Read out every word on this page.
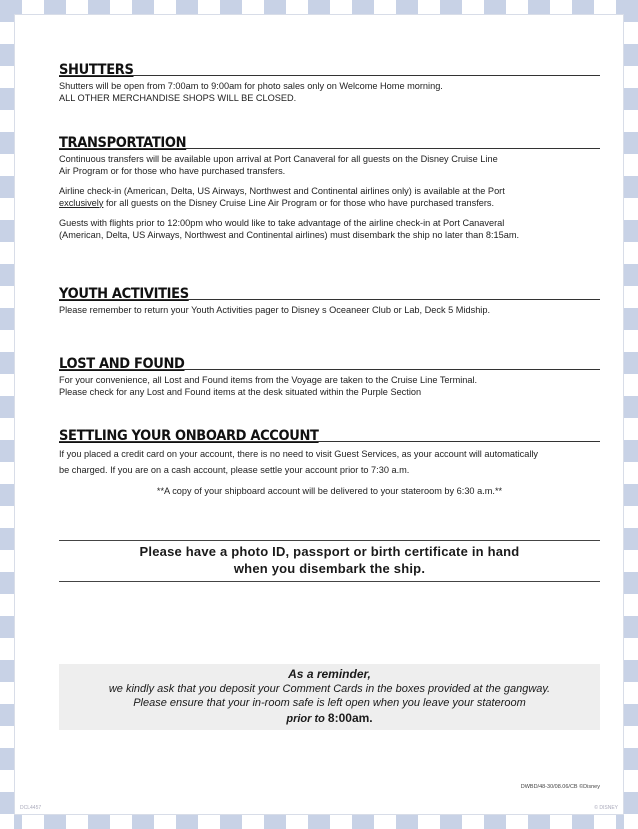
SHUTTERS

Shutters will be open from 7:00am to 9:00am for photo sales only on Welcome Home morning.

ALL OTHER MERCHANDISE SHOPS WILL BE CLOSED.

TRANSPORTATION

Continuous transfers will be available upon arrival at Port Canaveral for all guests on the Disney Cruise Line

Air Program or for those who have purchased transfers.

Airline check-in (American, Delta, US Airways, Northwest and Continental airlines only) is available at the Port

exclusively for all guests on the Disney Cruise Line Air Program or for those who have purchased transfers.

Guests with flights prior to 12:00pm who would like to take advantage of the airline check-in at Port Canaveral

(American, Delta, US Airways, Northwest and Continental airlines) must disembark the ship no later than 8:15am.

YOUTH ACTIVITIES

Please remember to return your Youth Activities pager to Disney s Oceaneer Club or Lab, Deck 5 Midship.

LOST AND FOUND

For your convenience, all Lost and Found items from the Voyage are taken to the Cruise Line Terminal.

Please check for any Lost and Found items at the desk situated within the Purple Section

SETTLING YOUR ONBOARD ACCOUNT

If you placed a credit card on your account, there is no need to visit Guest Services, as your account will automatically

be charged. If you are on a cash account, please settle your account prior to 7:30 a.m.

**A copy of your shipboard account will be delivered to your stateroom by 6:30 a.m.**

Please have a photo ID, passport or birth certificate in hand
when you disembark the ship.
As a reminder,
we kindly ask that you deposit your Comment Cards in the boxes provided at the gangway.
Please ensure that your in-room safe is left open when you leave your stateroom
prior to 8:00am.
DWBD/48-30/08.06/CB ©Disney
DCL4457	© DISNEY
